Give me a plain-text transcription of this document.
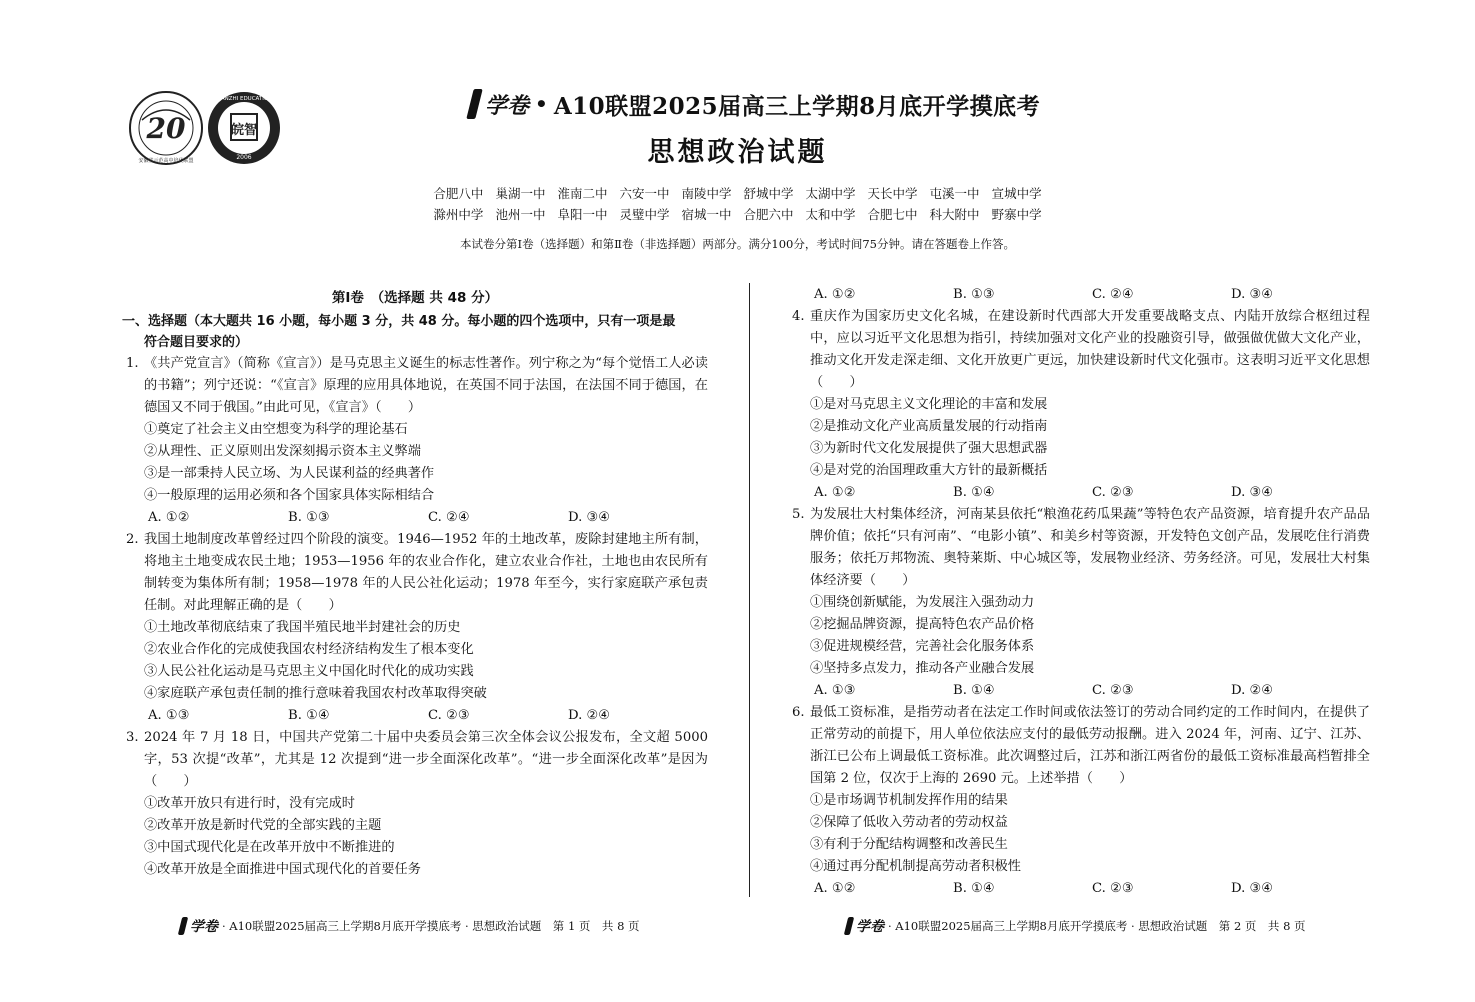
20	皖智
2006
WANZHI EDUCATION
安徽省示范高中培优联盟
学卷 • A10联盟2025届高三上学期8月底开学摸底考
思想政治试题
合肥八中 巢湖一中 淮南二中 六安一中 南陵中学 舒城中学 太湖中学 天长中学 屯溪一中 宣城中学
滁州中学 池州一中 阜阳一中 灵璧中学 宿城一中 合肥六中 太和中学 合肥七中 科大附中 野寨中学
本试卷分第Ⅰ卷（选择题）和第Ⅱ卷（非选择题）两部分。满分100分，考试时间75分钟。请在答题卷上作答。
第Ⅰ卷　（选择题 共 48 分）
一、选择题（本大题共 16 小题，每小题 3 分，共 48 分。每小题的四个选项中，只有一项是最
符合题目要求的）
1. 《共产党宣言》（简称《宣言》）是马克思主义诞生的标志性著作。列宁称之为“每个觉悟工人必读的书籍”；列宁还说：“《宣言》原理的应用具体地说，在英国不同于法国，在法国不同于德国，在德国又不同于俄国。”由此可见，《宣言》（　　）

①奠定了社会主义由空想变为科学的理论基石
②从理性、正义原则出发深刻揭示资本主义弊端
③是一部秉持人民立场、为人民谋利益的经典著作
④一般原理的运用必须和各个国家具体实际相结合
A. ①②	B. ①③	C. ②④	D. ③④
2. 我国土地制度改革曾经过四个阶段的演变。1946—1952 年的土地改革，废除封建地主所有制，将地主土地变成农民土地；1953—1956 年的农业合作化，建立农业合作社，土地也由农民所有制转变为集体所有制；1958—1978 年的人民公社化运动；1978 年至今，实行家庭联产承包责任制。对此理解正确的是（　　）

①土地改革彻底结束了我国半殖民地半封建社会的历史
②农业合作化的完成使我国农村经济结构发生了根本变化
③人民公社化运动是马克思主义中国化时代化的成功实践
④家庭联产承包责任制的推行意味着我国农村改革取得突破
A. ①③	B. ①④	C. ②③	D. ②④
3. 2024 年 7 月 18 日，中国共产党第二十届中央委员会第三次全体会议公报发布，全文超 5000 字，53 次提“改革”，尤其是 12 次提到“进一步全面深化改革”。“进一步全面深化改革”是因为（　　）

①改革开放只有进行时，没有完成时
②改革开放是新时代党的全部实践的主题
③中国式现代化是在改革开放中不断推进的
④改革开放是全面推进中国式现代化的首要任务
A. ①②	B. ①③	C. ②④	D. ③④
4. 重庆作为国家历史文化名城，在建设新时代西部大开发重要战略支点、内陆开放综合枢纽过程中，应以习近平文化思想为指引，持续加强对文化产业的投融资引导，做强做优做大文化产业，推动文化开发走深走细、文化开放更广更远，加快建设新时代文化强市。这表明习近平文化思想（　　）

①是对马克思主义文化理论的丰富和发展
②是推动文化产业高质量发展的行动指南
③为新时代文化发展提供了强大思想武器
④是对党的治国理政重大方针的最新概括
A. ①②	B. ①④	C. ②③	D. ③④
5. 为发展壮大村集体经济，河南某县依托“粮渔花药瓜果蔬”等特色农产品资源，培育提升农产品品牌价值；依托“只有河南”、“电影小镇”、和美乡村等资源，开发特色文创产品，发展吃住行消费服务；依托万邦物流、奥特莱斯、中心城区等，发展物业经济、劳务经济。可见，发展壮大村集体经济要（　　）

①围绕创新赋能，为发展注入强劲动力
②挖掘品牌资源，提高特色农产品价格
③促进规模经营，完善社会化服务体系
④坚持多点发力，推动各产业融合发展
A. ①③	B. ①④	C. ②③	D. ②④
6. 最低工资标准，是指劳动者在法定工作时间或依法签订的劳动合同约定的工作时间内，在提供了正常劳动的前提下，用人单位依法应支付的最低劳动报酬。进入 2024 年，河南、辽宁、江苏、浙江已公布上调最低工资标准。此次调整过后，江苏和浙江两省份的最低工资标准最高档暂排全国第 2 位，仅次于上海的 2690 元。上述举措（　　）

①是市场调节机制发挥作用的结果
②保障了低收入劳动者的劳动权益
③有利于分配结构调整和改善民生
④通过再分配机制提高劳动者积极性
A. ①②	B. ①④	C. ②③	D. ③④
学卷 · A10联盟2025届高三上学期8月底开学摸底考 · 思想政治试题　第 1 页　共 8 页	学卷 · A10联盟2025届高三上学期8月底开学摸底考 · 思想政治试题　第 2 页　共 8 页
